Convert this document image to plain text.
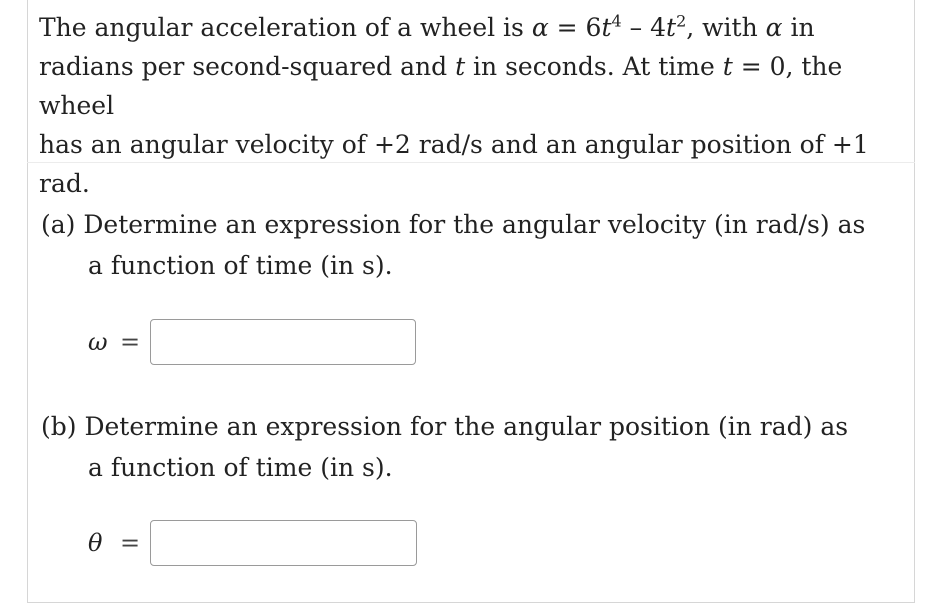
The angular acceleration of a wheel is $\alpha = 6t^4 - 4t^2$, with α in
radians per second-squared and t in seconds. At time t = 0, the wheel
has an angular velocity of +2 rad/s and an angular position of +1 rad.

(a) Determine an expression for the angular velocity (in rad/s) as
a function of time (in s).

ω =

(b) Determine an expression for the angular position (in rad) as
a function of time (in s).

θ =
